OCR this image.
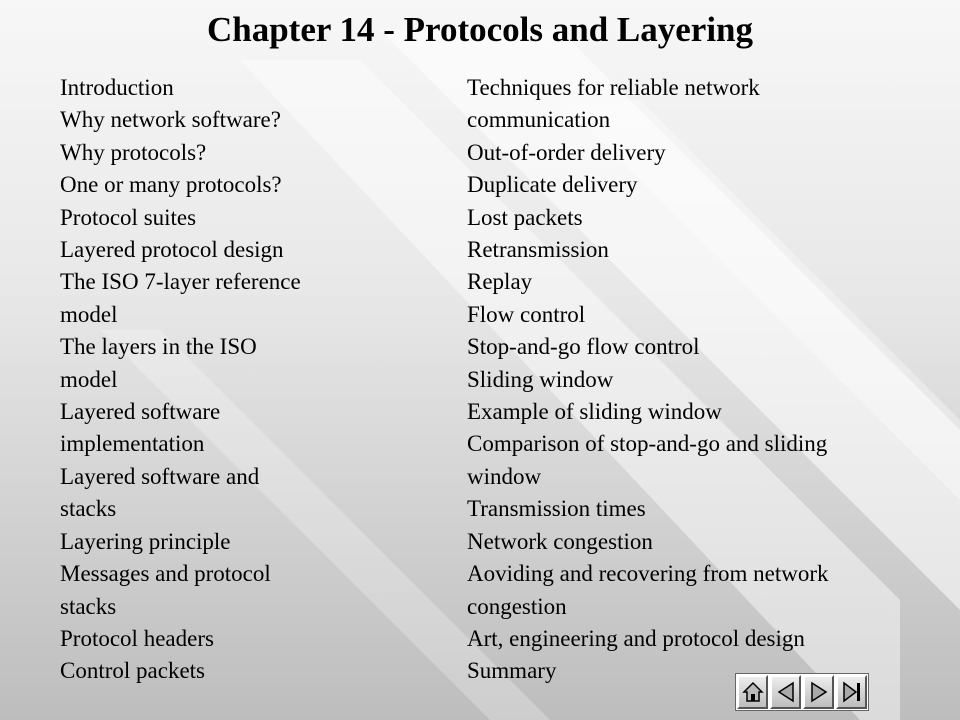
Chapter 14 - Protocols and Layering
Introduction
Why network software?
Why protocols?
One or many protocols?
Protocol suites
Layered protocol design
The ISO 7-layer reference
model
The layers in the ISO
model
Layered software
implementation
Layered software and
stacks
Layering principle
Messages and protocol
stacks
Protocol headers
Control packets
Techniques for reliable network
communication
Out-of-order delivery
Duplicate delivery
Lost packets
Retransmission
Replay
Flow control
Stop-and-go flow control
Sliding window
Example of sliding window
Comparison of stop-and-go and sliding
window
Transmission times
Network congestion
Aoviding and recovering from network
congestion
Art, engineering and protocol design
Summary
